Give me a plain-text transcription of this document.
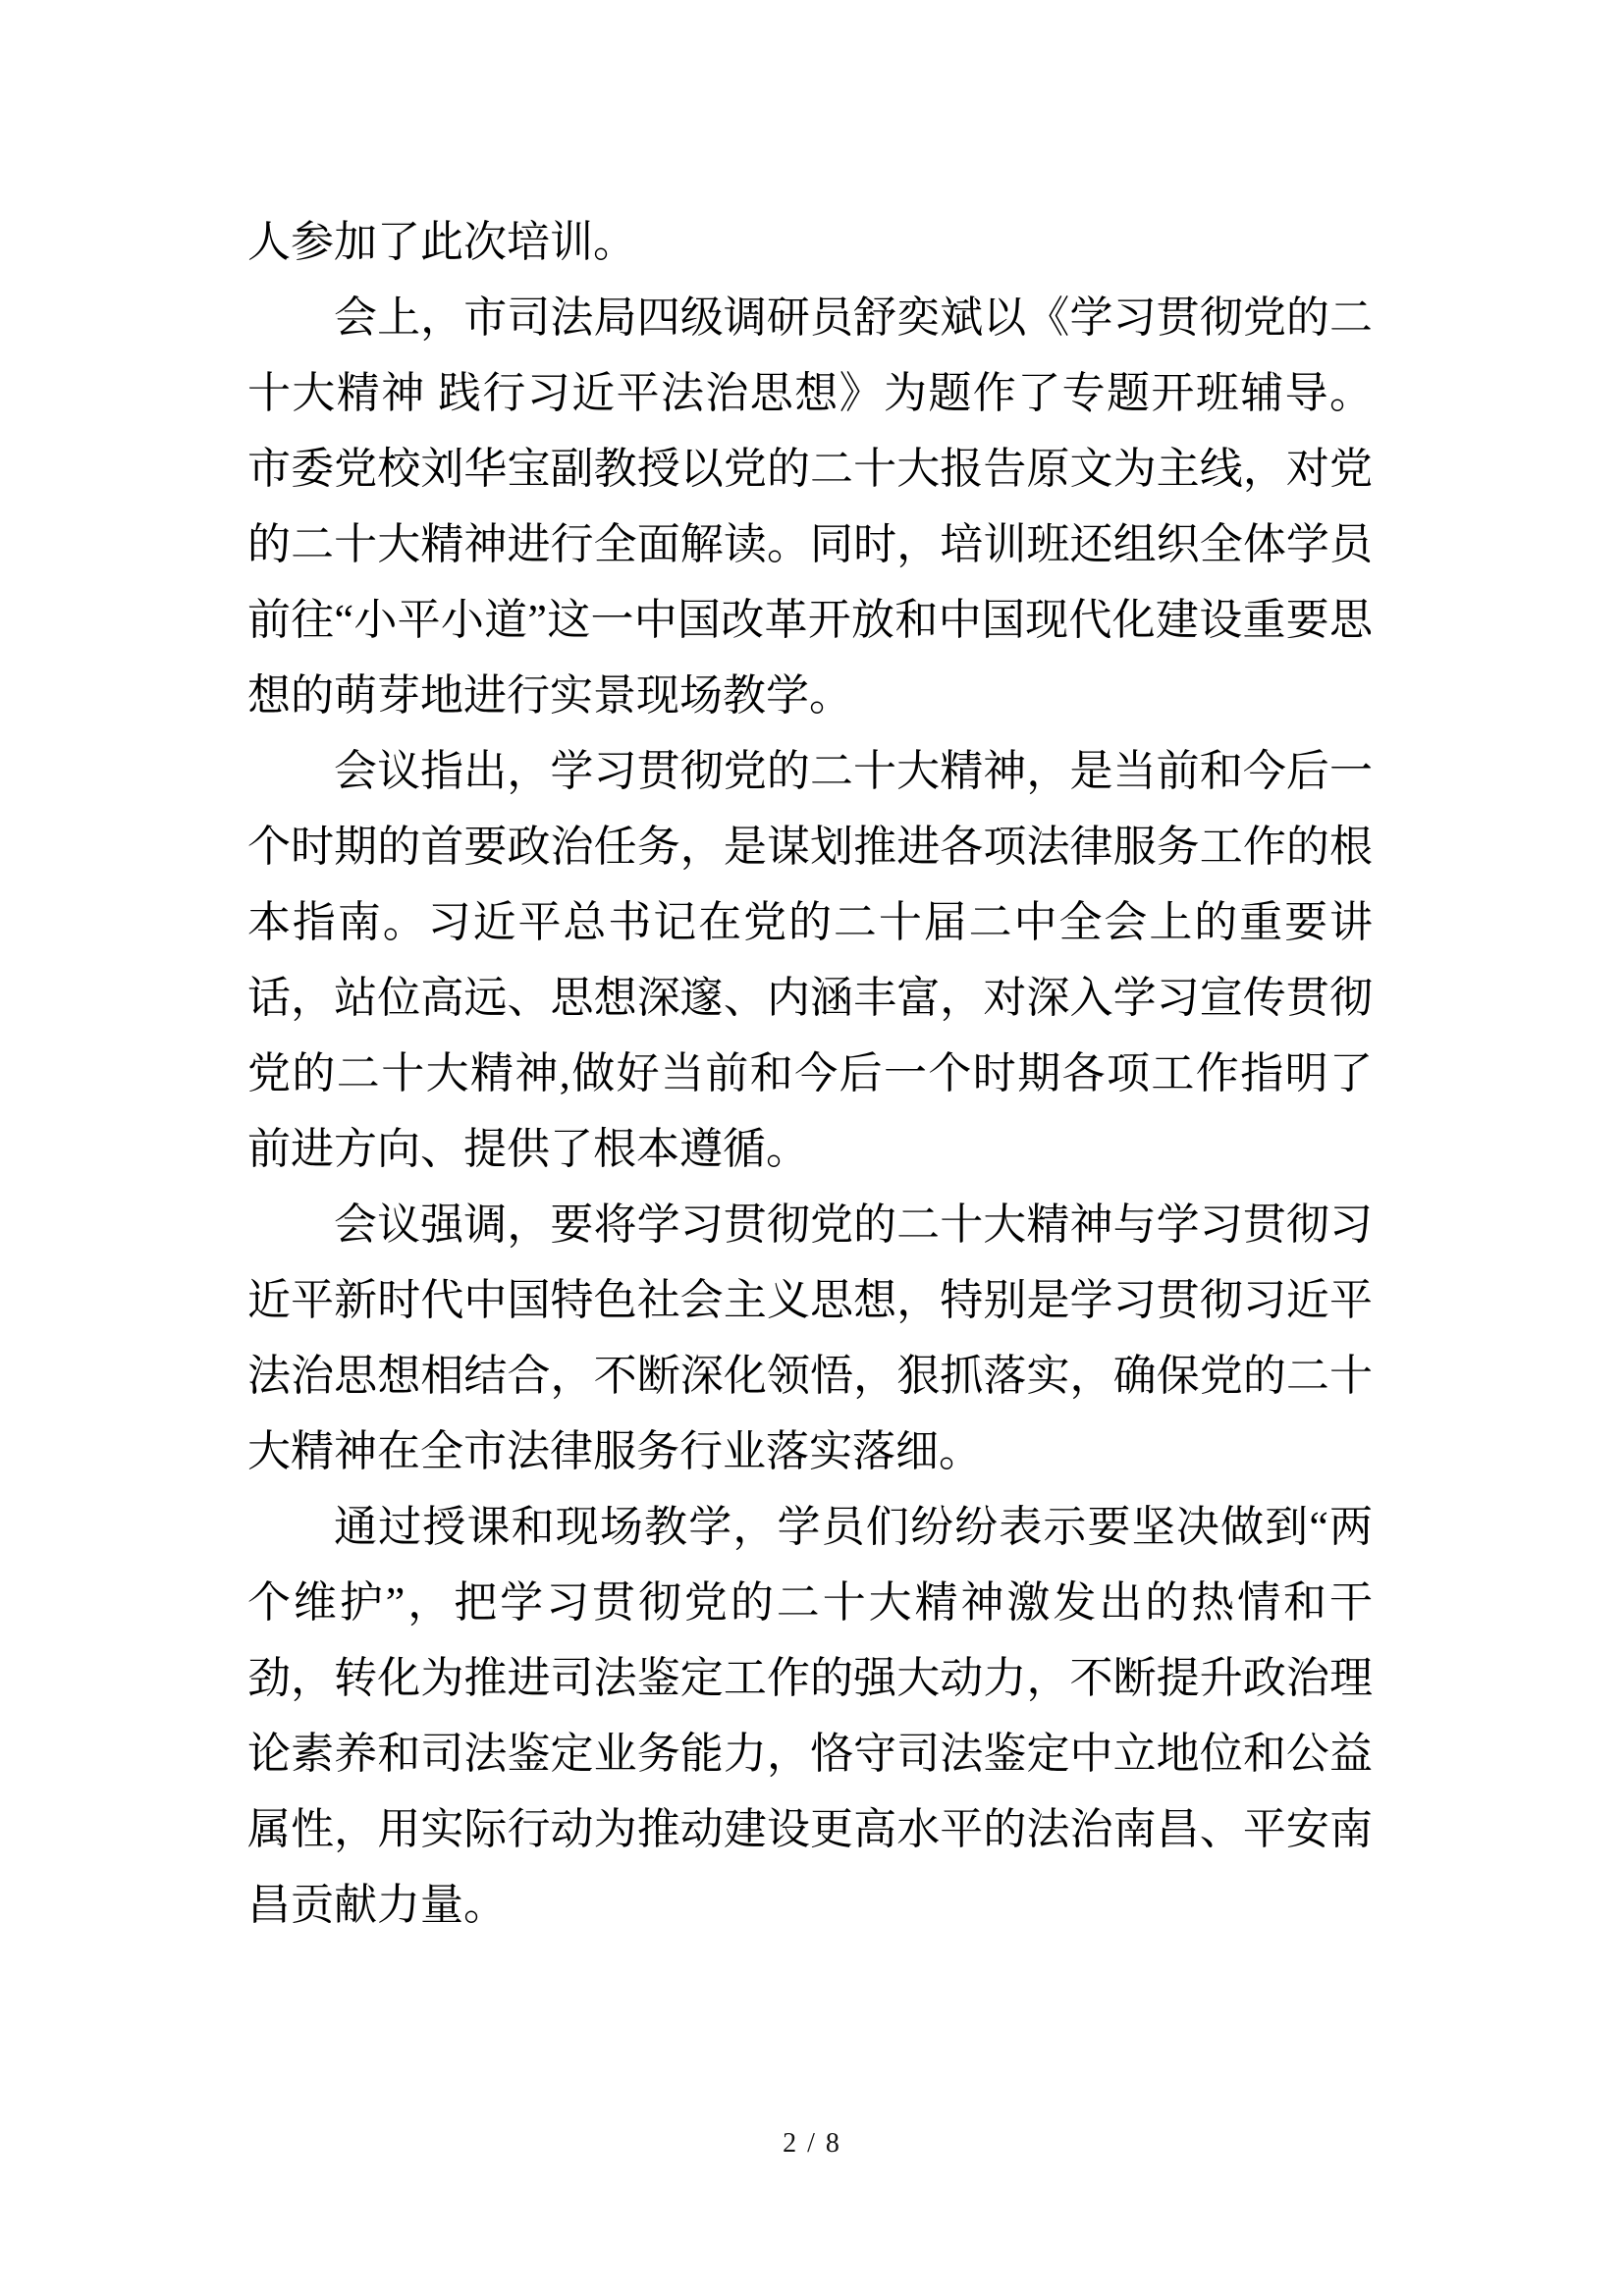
人参加了此次培训。

会上，市司法局四级调研员舒奕斌以《学习贯彻党的二十大精神 践行习近平法治思想》为题作了专题开班辅导。市委党校刘华宝副教授以党的二十大报告原文为主线，对党的二十大精神进行全面解读。同时，培训班还组织全体学员前往“小平小道”这一中国改革开放和中国现代化建设重要思想的萌芽地进行实景现场教学。

会议指出，学习贯彻党的二十大精神，是当前和今后一个时期的首要政治任务，是谋划推进各项法律服务工作的根本指南。习近平总书记在党的二十届二中全会上的重要讲话，站位高远、思想深邃、内涵丰富，对深入学习宣传贯彻党的二十大精神,做好当前和今后一个时期各项工作指明了前进方向、提供了根本遵循。

会议强调，要将学习贯彻党的二十大精神与学习贯彻习近平新时代中国特色社会主义思想，特别是学习贯彻习近平法治思想相结合，不断深化领悟，狠抓落实，确保党的二十大精神在全市法律服务行业落实落细。

通过授课和现场教学，学员们纷纷表示要坚决做到“两个维护”，把学习贯彻党的二十大精神激发出的热情和干劲，转化为推进司法鉴定工作的强大动力，不断提升政治理论素养和司法鉴定业务能力，恪守司法鉴定中立地位和公益属性，用实际行动为推动建设更高水平的法治南昌、平安南昌贡献力量。

2 / 8
